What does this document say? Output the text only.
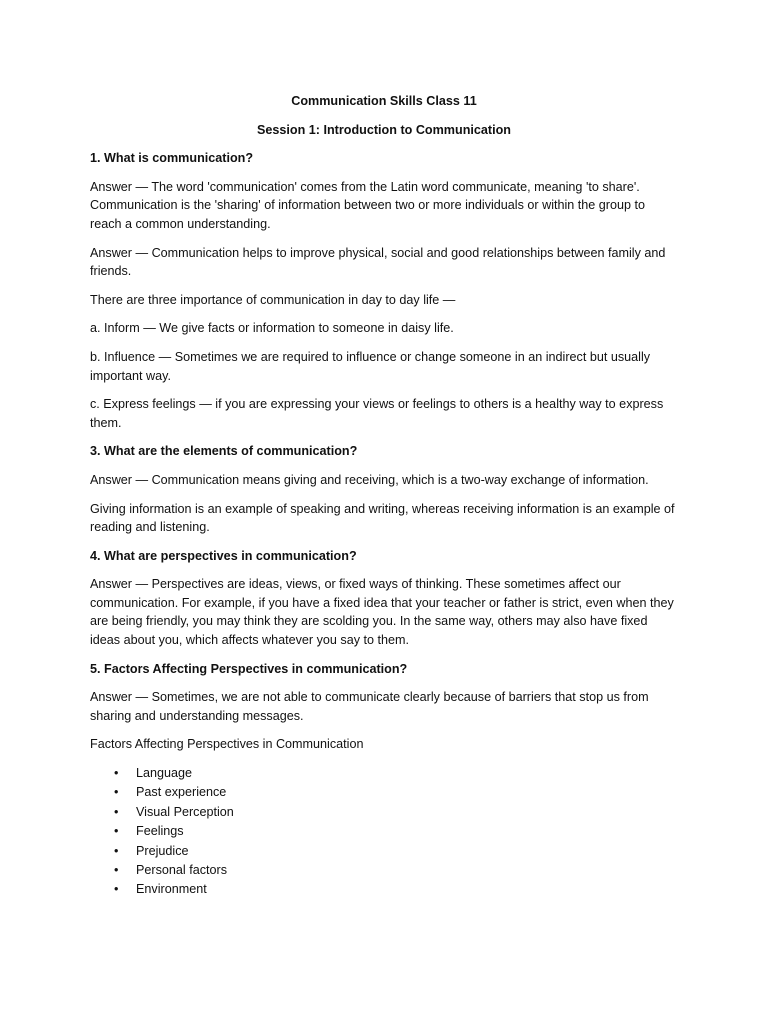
Communication Skills Class 11

Session 1: Introduction to Communication

1. What is communication?

Answer — The word 'communication' comes from the Latin word communicate, meaning 'to share'. Communication is the 'sharing' of information between two or more individuals or within the group to reach a common understanding.

Answer — Communication helps to improve physical, social and good relationships between family and friends.

There are three importance of communication in day to day life —

a. Inform — We give facts or information to someone in daisy life.

b. Influence — Sometimes we are required to influence or change someone in an indirect but usually important way.

c. Express feelings — if you are expressing your views or feelings to others is a healthy way to express them.

3. What are the elements of communication?

Answer — Communication means giving and receiving, which is a two-way exchange of information.

Giving information is an example of speaking and writing, whereas receiving information is an example of reading and listening.

4. What are perspectives in communication?

Answer — Perspectives are ideas, views, or fixed ways of thinking. These sometimes affect our communication. For example, if you have a fixed idea that your teacher or father is strict, even when they are being friendly, you may think they are scolding you. In the same way, others may also have fixed ideas about you, which affects whatever you say to them.

5. Factors Affecting Perspectives in communication?

Answer — Sometimes, we are not able to communicate clearly because of barriers that stop us from sharing and understanding messages.

Factors Affecting Perspectives in Communication

• Language
• Past experience
• Visual Perception
• Feelings
• Prejudice
• Personal factors
• Environment
